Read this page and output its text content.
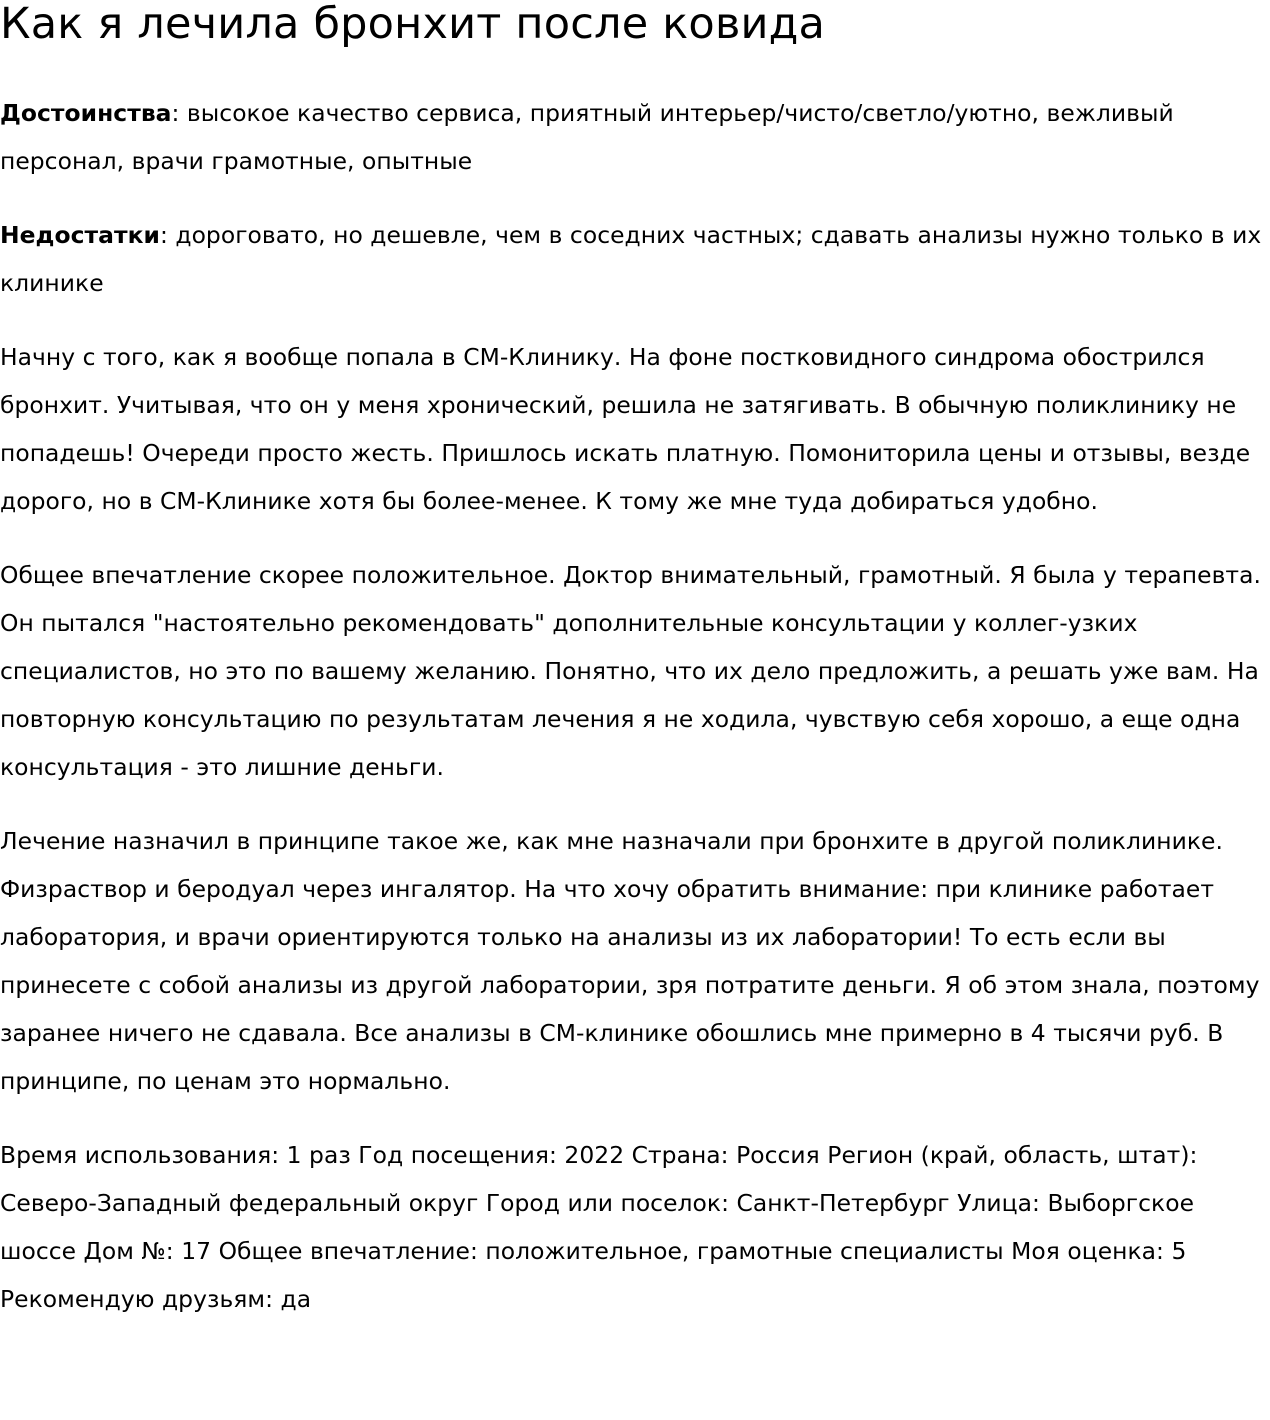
Как я лечила бронхит после ковида

Достоинства: высокое качество сервиса, приятный интерьер/чисто/светло/уютно, вежливый персонал, врачи грамотные, опытные

Недостатки: дороговато, но дешевле, чем в соседних частных; сдавать анализы нужно только в их клинике

Начну с того, как я вообще попала в СМ-Клинику. На фоне постковидного синдрома обострился бронхит. Учитывая, что он у меня хронический, решила не затягивать. В обычную поликлинику не попадешь! Очереди просто жесть. Пришлось искать платную. Помониторила цены и отзывы, везде дорого, но в СМ-Клинике хотя бы более-менее. К тому же мне туда добираться удобно.

Общее впечатление скорее положительное. Доктор внимательный, грамотный. Я была у терапевта. Он пытался "настоятельно рекомендовать" дополнительные консультации у коллег-узких специалистов, но это по вашему желанию. Понятно, что их дело предложить, а решать уже вам. На повторную консультацию по результатам лечения я не ходила, чувствую себя хорошо, а еще одна консультация - это лишние деньги.

Лечение назначил в принципе такое же, как мне назначали при бронхите в другой поликлинике. Физраствор и беродуал через ингалятор. На что хочу обратить внимание: при клинике работает лаборатория, и врачи ориентируются только на анализы из их лаборатории! То есть если вы принесете с собой анализы из другой лаборатории, зря потратите деньги. Я об этом знала, поэтому заранее ничего не сдавала. Все анализы в СМ-клинике обошлись мне примерно в 4 тысячи руб. В принципе, по ценам это нормально.

Время использования: 1 раз Год посещения: 2022 Страна: Россия Регион (край, область, штат): Северо-Западный федеральный округ Город или поселок: Санкт-Петербург Улица: Выборгское шоссе Дом №: 17 Общее впечатление: положительное, грамотные специалисты Моя оценка: 5

Рекомендую друзьям: да
